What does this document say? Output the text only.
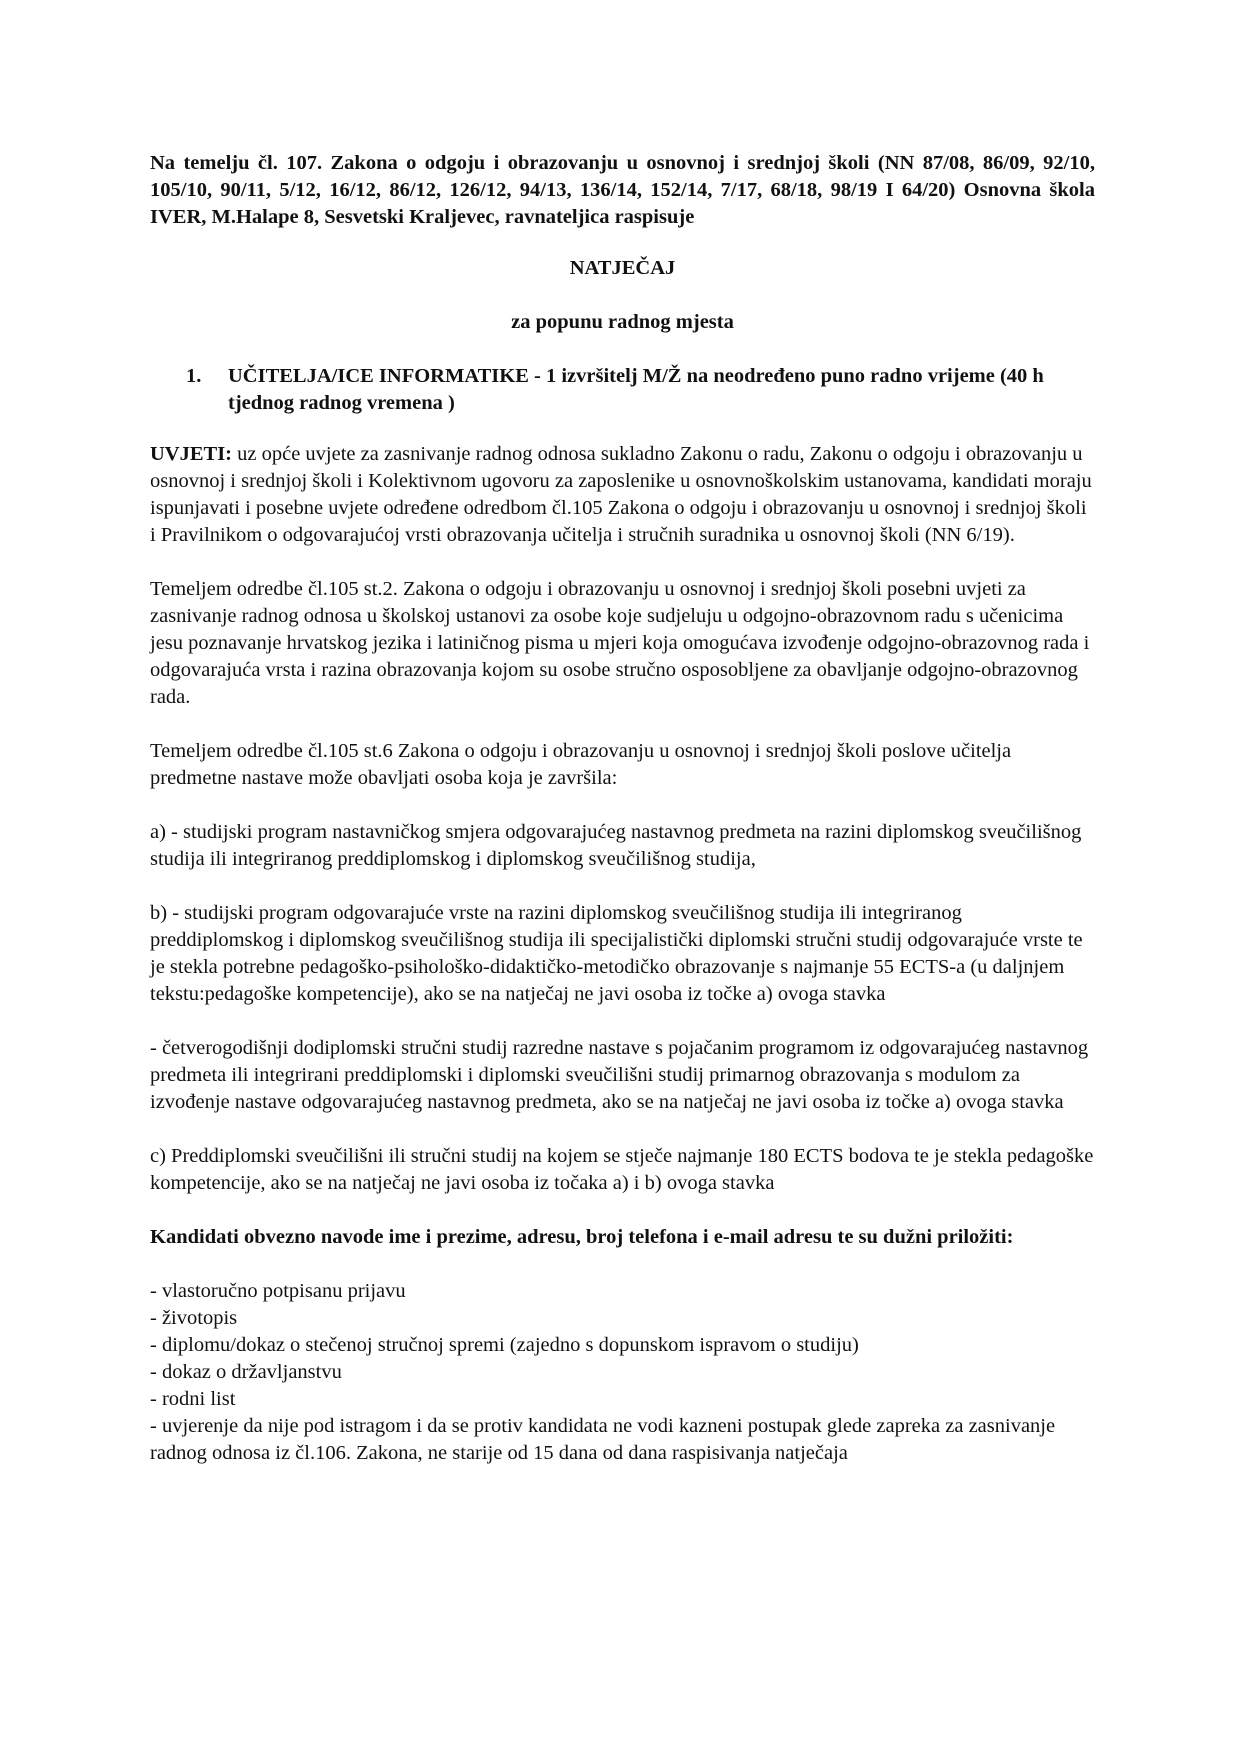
Na temelju čl. 107. Zakona o odgoju i obrazovanju u osnovnoj i srednjoj školi (NN 87/08, 86/09, 92/10, 105/10, 90/11, 5/12, 16/12, 86/12, 126/12, 94/13, 136/14, 152/14, 7/17, 68/18, 98/19 I 64/20) Osnovna škola IVER, M.Halape 8, Sesvetski Kraljevec, ravnateljica raspisuje
NATJEČAJ
za popunu radnog mjesta
1.	UČITELJA/ICE INFORMATIKE - 1 izvršitelj M/Ž na neodređeno puno radno vrijeme (40 h tjednog radnog vremena )

UVJETI: uz opće uvjete za zasnivanje radnog odnosa sukladno Zakonu o radu, Zakonu o odgoju i obrazovanju u osnovnoj i srednjoj školi i Kolektivnom ugovoru za zaposlenike u osnovnoškolskim ustanovama, kandidati moraju ispunjavati i posebne uvjete određene odredbom čl.105 Zakona o odgoju i obrazovanju u osnovnoj i srednjoj školi i Pravilnikom o odgovarajućoj vrsti obrazovanja učitelja i stručnih suradnika u osnovnoj školi (NN 6/19).

Temeljem odredbe čl.105 st.2. Zakona o odgoju i obrazovanju u osnovnoj i srednjoj školi posebni uvjeti za zasnivanje radnog odnosa u školskoj ustanovi za osobe koje sudjeluju u odgojno-obrazovnom radu s učenicima jesu poznavanje hrvatskog jezika i latiničnog pisma u mjeri koja omogućava izvođenje odgojno-obrazovnog rada i odgovarajuća vrsta i razina obrazovanja kojom su osobe stručno osposobljene za obavljanje odgojno-obrazovnog rada.

Temeljem odredbe čl.105 st.6 Zakona o odgoju i obrazovanju u osnovnoj i srednjoj školi poslove učitelja predmetne nastave može obavljati osoba koja je završila:

a) - studijski program nastavničkog smjera odgovarajućeg nastavnog predmeta na razini diplomskog sveučilišnog studija ili integriranog preddiplomskog i diplomskog sveučilišnog studija,

b) - studijski program odgovarajuće vrste na razini diplomskog sveučilišnog studija ili integriranog preddiplomskog i diplomskog sveučilišnog studija ili specijalistički diplomski stručni studij odgovarajuće vrste te je stekla potrebne pedagoško-psihološko-didaktičko-metodičko obrazovanje s najmanje 55 ECTS-a (u daljnjem tekstu:pedagoške kompetencije), ako se na natječaj ne javi osoba iz točke a) ovoga stavka

- četverogodišnji dodiplomski stručni studij razredne nastave s pojačanim programom iz odgovarajućeg nastavnog predmeta ili integrirani preddiplomski i diplomski sveučilišni studij primarnog obrazovanja s modulom za izvođenje nastave odgovarajućeg nastavnog predmeta, ako se na natječaj ne javi osoba iz točke a) ovoga stavka

c) Preddiplomski sveučilišni ili stručni studij na kojem se stječe najmanje 180 ECTS bodova te je stekla pedagoške kompetencije, ako se na natječaj ne javi osoba iz točaka a) i b) ovoga stavka

Kandidati obvezno navode ime i prezime, adresu, broj telefona i e-mail adresu te su dužni priložiti:

- vlastoručno potpisanu prijavu
- životopis
- diplomu/dokaz o stečenoj stručnoj spremi (zajedno s dopunskom ispravom o studiju)
- dokaz o državljanstvu
- rodni list
- uvjerenje da nije pod istragom i da se protiv kandidata ne vodi kazneni postupak glede zapreka za zasnivanje radnog odnosa iz čl.106. Zakona, ne starije od 15 dana od dana raspisivanja natječaja
